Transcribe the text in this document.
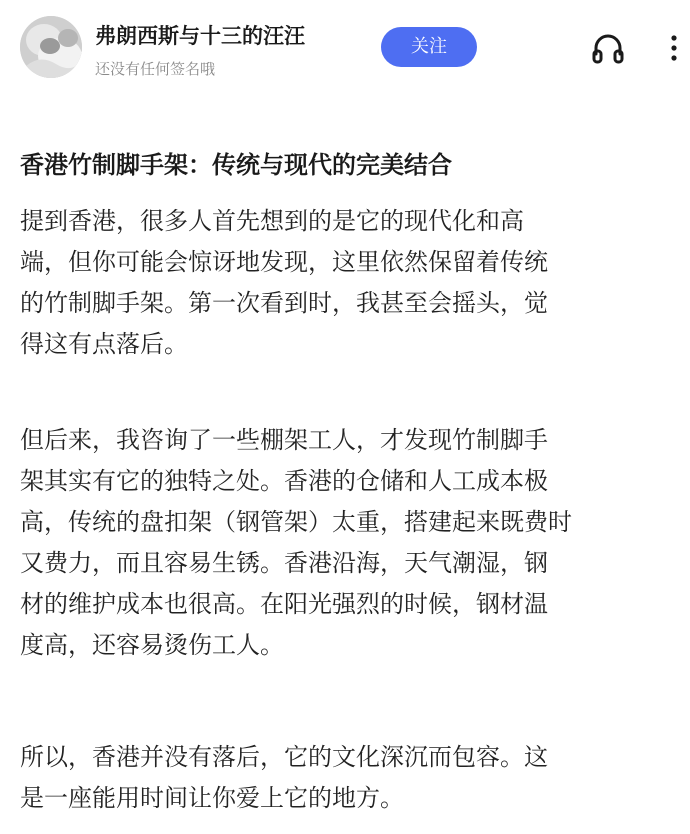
弗朗西斯与十三的汪汪
还没有任何签名哦
关注
香港竹制脚手架：传统与现代的完美结合
提到香港，很多人首先想到的是它的现代化和高
端，但你可能会惊讶地发现，这里依然保留着传统
的竹制脚手架。第一次看到时，我甚至会摇头，觉
得这有点落后。
但后来，我咨询了一些棚架工人，才发现竹制脚手
架其实有它的独特之处。香港的仓储和人工成本极
高，传统的盘扣架（钢管架）太重，搭建起来既费时
又费力，而且容易生锈。香港沿海，天气潮湿，钢
材的维护成本也很高。在阳光强烈的时候，钢材温
度高，还容易烫伤工人。
所以，香港并没有落后，它的文化深沉而包容。这
是一座能用时间让你爱上它的地方。
